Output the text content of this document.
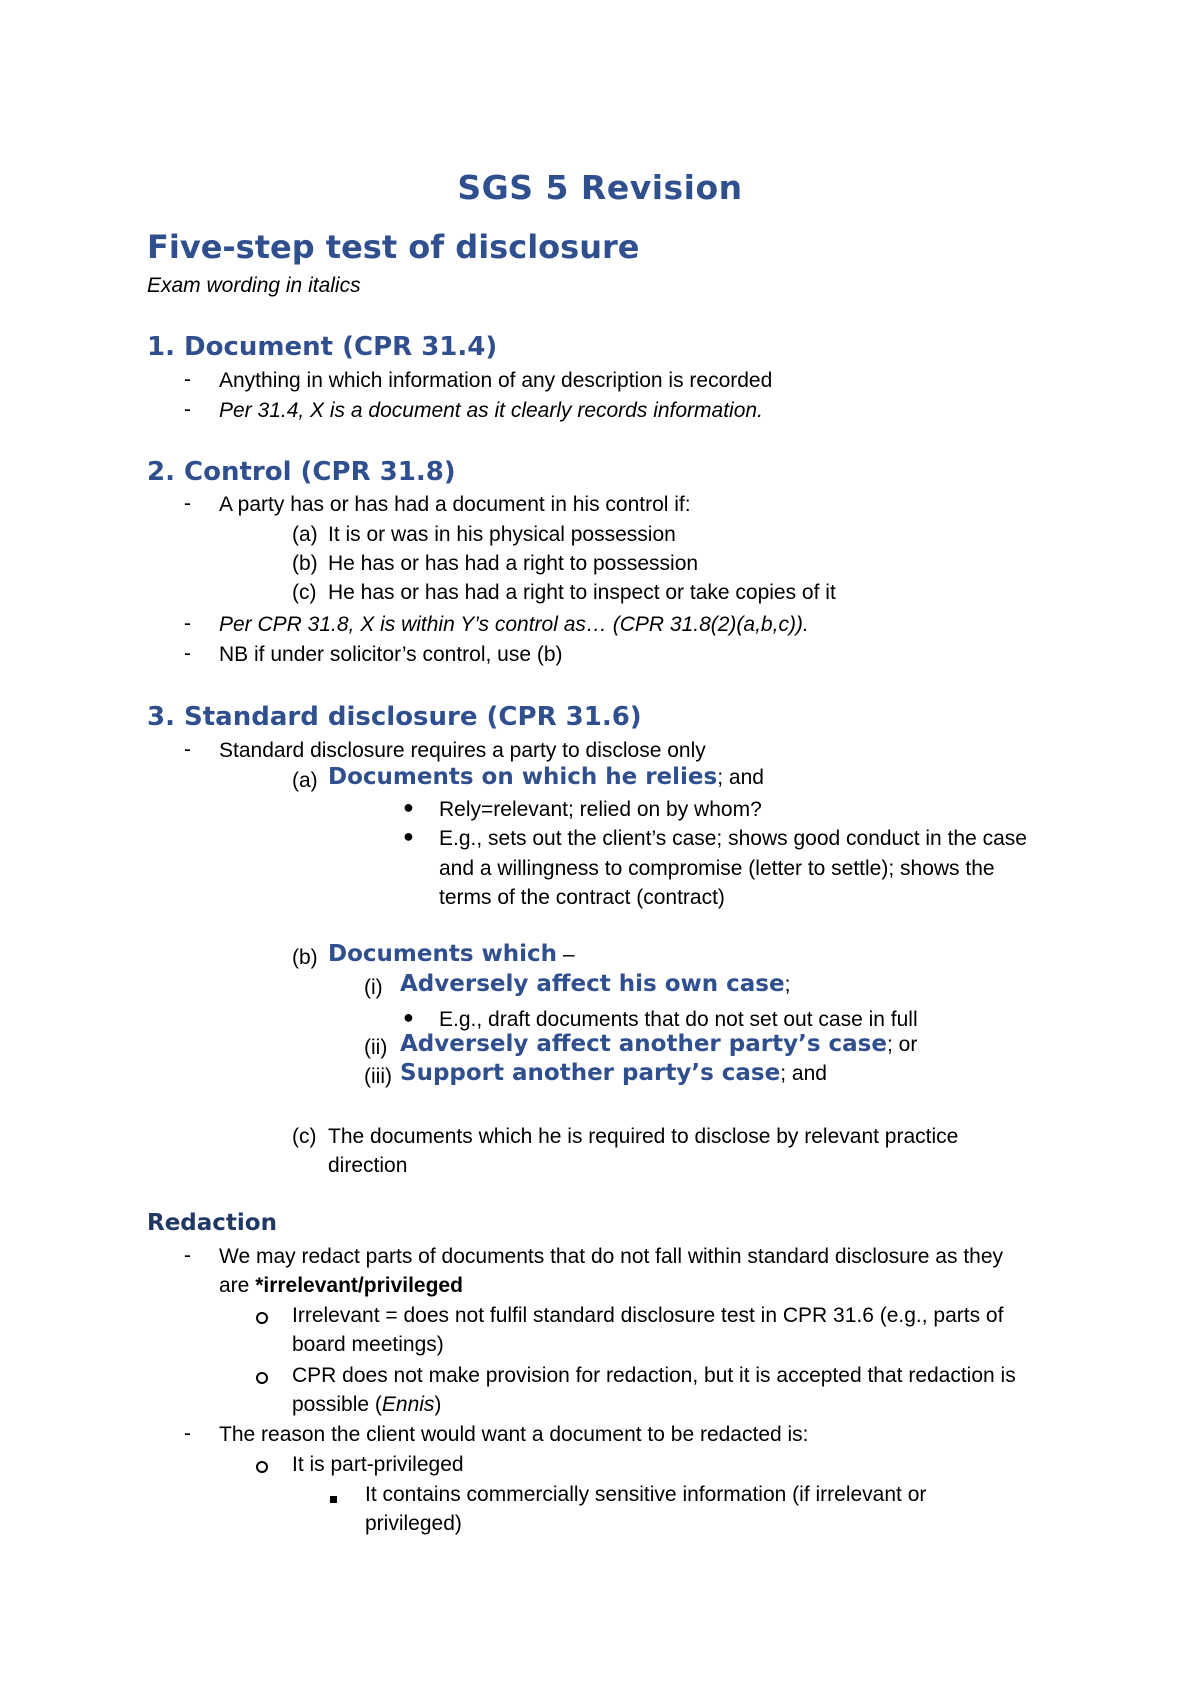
SGS 5 Revision
Five-step test of disclosure
Exam wording in italics
1. Document (CPR 31.4)
- Anything in which information of any description is recorded
- Per 31.4, X is a document as it clearly records information.
2. Control (CPR 31.8)
- A party has or has had a document in his control if:
(a) It is or was in his physical possession
(b) He has or has had a right to possession
(c) He has or has had a right to inspect or take copies of it
- Per CPR 31.8, X is within Y’s control as… (CPR 31.8(2)(a,b,c)).
- NB if under solicitor’s control, use (b)
3. Standard disclosure (CPR 31.6)
- Standard disclosure requires a party to disclose only
(a) Documents on which he relies; and
● Rely=relevant; relied on by whom?
● E.g., sets out the client’s case; shows good conduct in the case
and a willingness to compromise (letter to settle); shows the
terms of the contract (contract)
(b) Documents which –
(i) Adversely affect his own case;
● E.g., draft documents that do not set out case in full
(ii) Adversely affect another party’s case; or
(iii) Support another party’s case; and
(c) The documents which he is required to disclose by relevant practice
direction
Redaction
- We may redact parts of documents that do not fall within standard disclosure as they
are *irrelevant/privileged
Irrelevant = does not fulfil standard disclosure test in CPR 31.6 (e.g., parts of
board meetings)
CPR does not make provision for redaction, but it is accepted that redaction is
possible (Ennis)
- The reason the client would want a document to be redacted is:
It is part-privileged
It contains commercially sensitive information (if irrelevant or
privileged)
